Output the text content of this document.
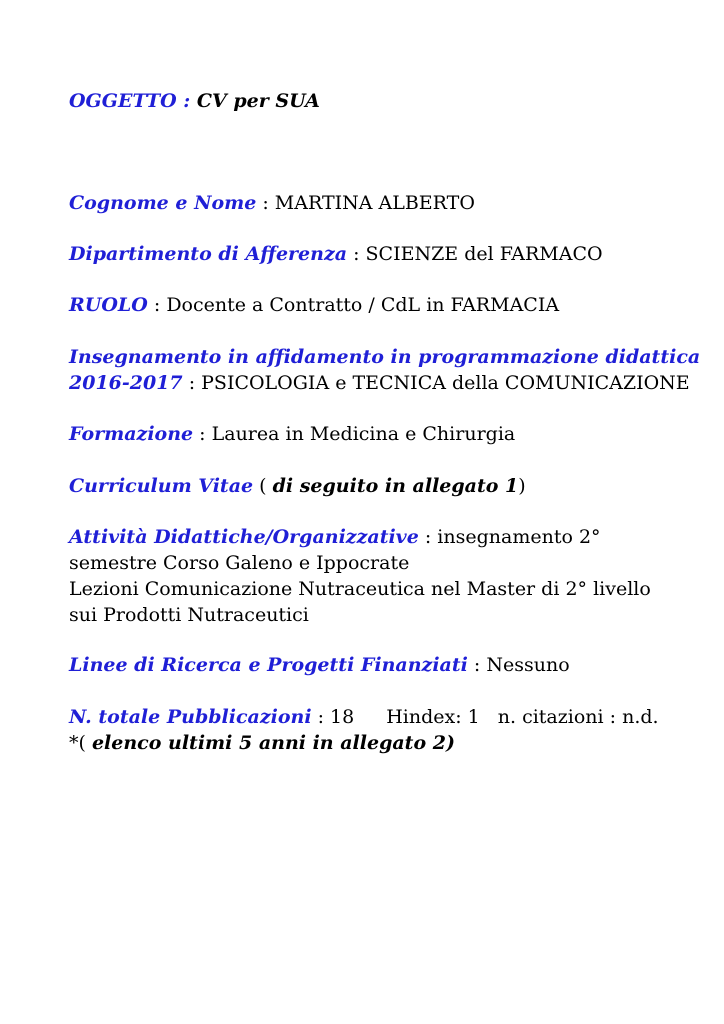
OGGETTO : CV per SUA
Cognome e Nome : MARTINA ALBERTO
Dipartimento di Afferenza : SCIENZE del FARMACO
RUOLO : Docente a Contratto / CdL in FARMACIA
Insegnamento in affidamento in programmazione didattica
2016-2017 : PSICOLOGIA e TECNICA della COMUNICAZIONE
Formazione : Laurea in Medicina e Chirurgia
Curriculum Vitae ( di seguito in allegato 1)
Attività Didattiche/Organizzative : insegnamento 2°
semestre Corso Galeno e Ippocrate
Lezioni Comunicazione Nutraceutica nel Master di 2° livello
sui Prodotti Nutraceutici
Linee di Ricerca e Progetti Finanziati : Nessuno
N. totale Pubblicazioni : 18 Hindex: 1 n. citazioni : n.d.
*( elenco ultimi 5 anni in allegato 2)
